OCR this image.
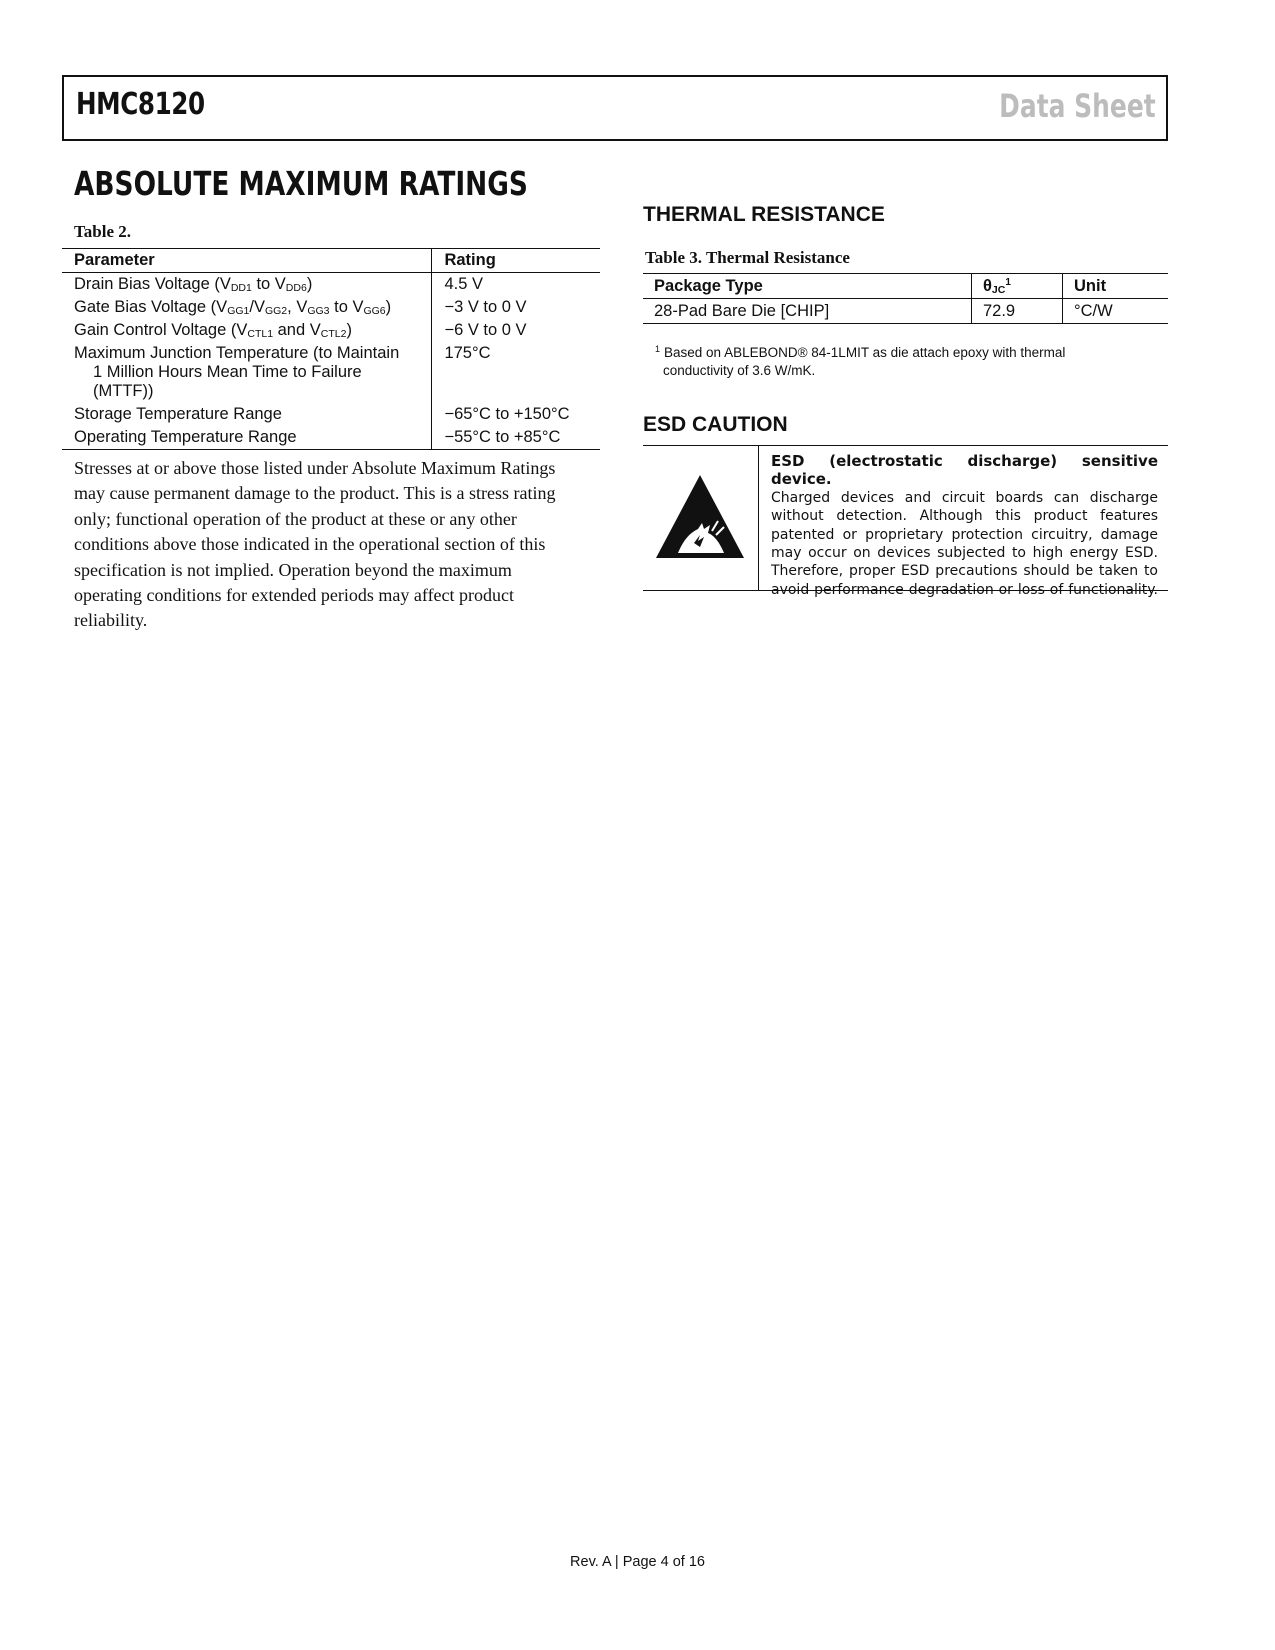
HMC8120	Data Sheet
ABSOLUTE MAXIMUM RATINGS
Table 2.
Parameter	Rating
Drain Bias Voltage ($V_{DD1}$ to $V_{DD6}$)	4.5 V
Gate Bias Voltage ($V_{GG1}/V_{GG2}$, $V_{GG3}$ to $V_{GG6}$)	−3 V to 0 V
Gain Control Voltage ($V_{CTL1}$ and $V_{CTL2}$)	−6 V to 0 V
Maximum Junction Temperature (to Maintain
1 Million Hours Mean Time to Failure (MTTF))	175°C
Storage Temperature Range	−65°C to +150°C
Operating Temperature Range	−55°C to +85°C

Stresses at or above those listed under Absolute Maximum Ratings may cause permanent damage to the product. This is a stress rating only; functional operation of the product at these or any other conditions above those indicated in the operational section of this specification is not implied. Operation beyond the maximum operating conditions for extended periods may affect product reliability.

THERMAL RESISTANCE
Table 3. Thermal Resistance
Package Type	$\theta_{JC}^1$	Unit
28-Pad Bare Die [CHIP]	72.9	°C/W
$^1$ Based on ABLEBOND® 84-1LMIT as die attach epoxy with thermal
conductivity of 3.6 W/mK.
ESD CAUTION
ESD (electrostatic discharge) sensitive device.
Charged devices and circuit boards can discharge without detection. Although this product features patented or proprietary protection circuitry, damage may occur on devices subjected to high energy ESD. Therefore, proper ESD precautions should be taken to avoid performance degradation or loss of functionality.
Rev. A | Page 4 of 16
